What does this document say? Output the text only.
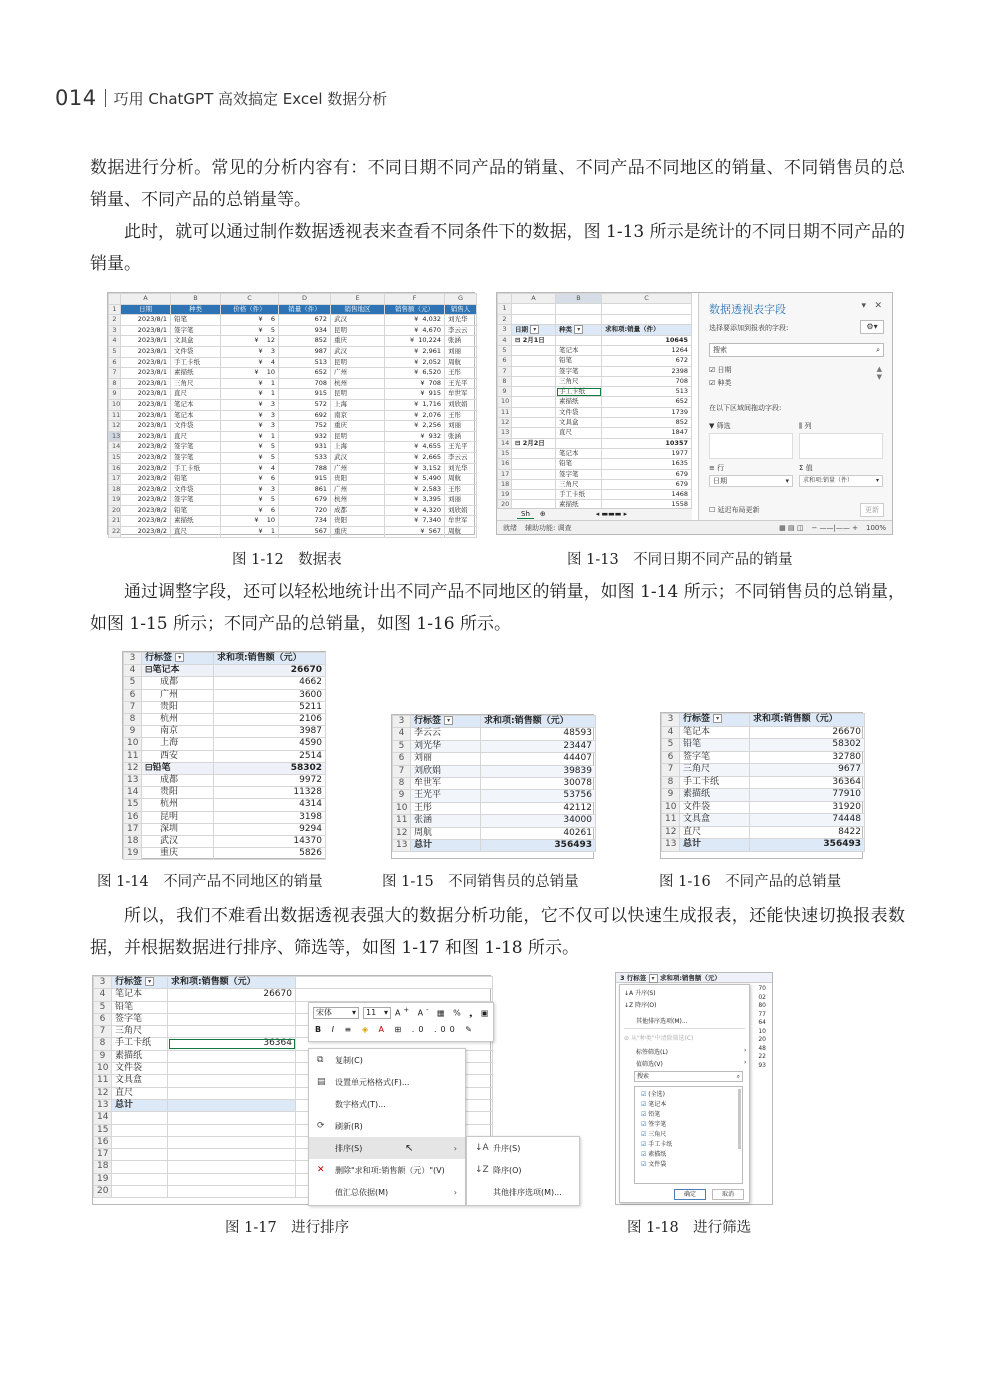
014 巧用 ChatGPT 高效搞定 Excel 数据分析

数据进行分析。常见的分析内容有：不同日期不同产品的销量、不同产品不同地区的销量、不同销售员的总销量、不同产品的总销量等。

此时，就可以通过制作数据透视表来查看不同条件下的数据，图 1-13 所示是统计的不同日期不同产品的销量。

	A	B	C	D	E	F	G
1	日期	种类	价格（件）	销量（件）	销售地区	销售额（元）	销售人
2	2023/8/1	铅笔	¥    6	672	武汉	¥  4,032	刘光华
3	2023/8/1	签字笔	¥    5	934	昆明	¥  4,670	李云云
4	2023/8/1	文具盒	¥    12	852	重庆	¥  10,224	张涵
5	2023/8/1	文件袋	¥    3	987	武汉	¥  2,961	刘丽
6	2023/8/1	手工卡纸	¥    4	513	昆明	¥  2,052	周航
7	2023/8/1	素描纸	¥    10	652	广州	¥  6,520	王彤
8	2023/8/1	三角尺	¥    1	708	杭州	¥  708	王光平
9	2023/8/1	直尺	¥    1	915	昆明	¥  915	牟世军
10	2023/8/1	笔记本	¥    3	572	上海	¥  1,716	刘欣娟
11	2023/8/1	笔记本	¥    3	692	南京	¥  2,076	王彤
12	2023/8/1	文件袋	¥    3	752	重庆	¥  2,256	刘丽
13	2023/8/1	直尺	¥    1	932	昆明	¥  932	张涵
14	2023/8/2	签字笔	¥    5	931	上海	¥  4,655	王光平
15	2023/8/2	签字笔	¥    5	533	武汉	¥  2,665	李云云
16	2023/8/2	手工卡纸	¥    4	788	广州	¥  3,152	刘光华
17	2023/8/2	铅笔	¥    6	915	贵阳	¥  5,490	周航
18	2023/8/2	文件袋	¥    3	861	广州	¥  2,583	王彤
19	2023/8/2	签字笔	¥    5	679	杭州	¥  3,395	刘丽
20	2023/8/2	铅笔	¥    6	720	成都	¥  4,320	刘欣娟
21	2023/8/2	素描纸	¥    10	734	贵阳	¥  7,340	牟世军
22	2023/8/2	直尺	¥    1	567	重庆	¥  567	周航
图 1-12　数据表
	A	B	C
1			
2			
3	日期 ▾	种类 ▾	求和项:销量（件）
4	⊟ 2月1日		10645
5		笔记本	1264
6		铅笔	672
7		签字笔	2398
8		三角尺	708
9		手工卡纸	513
10		素描纸	652
11		文件袋	1739
12		文具盒	852
13		直尺	1847
14	⊟ 2月2日		10357
15		笔记本	1977
16		铅笔	1635
17		签字笔	679
18		三角尺	679
19		手工卡纸	1468
20		素描纸	1558
Sh ⊕	◂ ▬▬▬ ▸
数据透视表字段	✕
▾
选择要添加到报表的字段:	⚙▾
搜索	⌕
☑ 日期
☑ 种类
▲
▼
在以下区域间拖动字段:
▼ 筛选	⫼ 列
≡ 行
日期	▾
Σ 值
求和项:销量（件）	▾
☐ 延迟布局更新	更新
就绪 辅助功能: 调查	▦ ▤ ◫ − ——|—— + 100%
图 1-13　不同日期不同产品的销量

通过调整字段，还可以轻松地统计出不同产品不同地区的销量，如图 1-14 所示；不同销售员的总销量，如图 1-15 所示；不同产品的总销量，如图 1-16 所示。

3	行标签 ▾	求和项:销售额（元）
4	⊟笔记本	26670
5	成都	4662
6	广州	3600
7	贵阳	5211
8	杭州	2106
9	南京	3987
10	上海	4590
11	西安	2514
12	⊟铅笔	58302
13	成都	9972
14	贵阳	11328
15	杭州	4314
16	昆明	3198
17	深圳	9294
18	武汉	14370
19	重庆	5826
图 1-14　不同产品不同地区的销量
3	行标签 ▾	求和项:销售额（元）
4	李云云	48593
5	刘光华	23447
6	刘丽	44407
7	刘欣娟	39839
8	牟世军	30078
9	王光平	53756
10	王彤	42112
11	张涵	34000
12	周航	40261
13	总计	356493
图 1-15　不同销售员的总销量
3	行标签 ▾	求和项:销售额（元）
4	笔记本	26670
5	铅笔	58302
6	签字笔	32780
7	三角尺	9677
8	手工卡纸	36364
9	素描纸	77910
10	文件袋	31920
11	文具盒	74448
12	直尺	8422
13	总计	356493
图 1-16　不同产品的总销量

所以，我们不难看出数据透视表强大的数据分析功能，它不仅可以快速生成报表，还能快速切换报表数据，并根据数据进行排序、筛选等，如图 1-17 和图 1-18 所示。

3	行标签 ▾	求和项:销售额（元）	
4	笔记本	26670	
5	铅笔		
6	签字笔		
7	三角尺		
8	手工卡纸	36364	
9	素描纸		
10	文件袋		
11	文具盒		
12	直尺		
13	总计		
14			
15			
16			
17			
18			
19			
20			
宋体 ▾	11 ▾ A+ A- ▦ % ❟ ▣
B I ≡ ◈ A ⊞ .0 .00 ✎
⧉ 复制(C)
▤ 设置单元格格式(F)...
数字格式(T)...
⟳ 刷新(R)
排序(S)	↖	›
✕ 删除"求和项:销售额（元）"(V)
值汇总依据(M)	›
↓A 升序(S)
↓Z 降序(O)
其他排序选项(M)...
图 1-17　进行排序
3 行标签 ▾ 求和项:销售额（元）
70
02
80
77
64
10
20
48
22
93
↓A 升序(S)
↓Z 降序(O)
其他排序选项(M)...
⊘ 从"种类"中清除筛选(C)
标签筛选(L)	›
值筛选(V)	›
搜索	⌕
☑ (全选)
☑ 笔记本
☑ 铅笔
☑ 签字笔
☑ 三角尺
☑ 手工卡纸
☑ 素描纸
☑ 文件袋
确定	取消
图 1-18　进行筛选
